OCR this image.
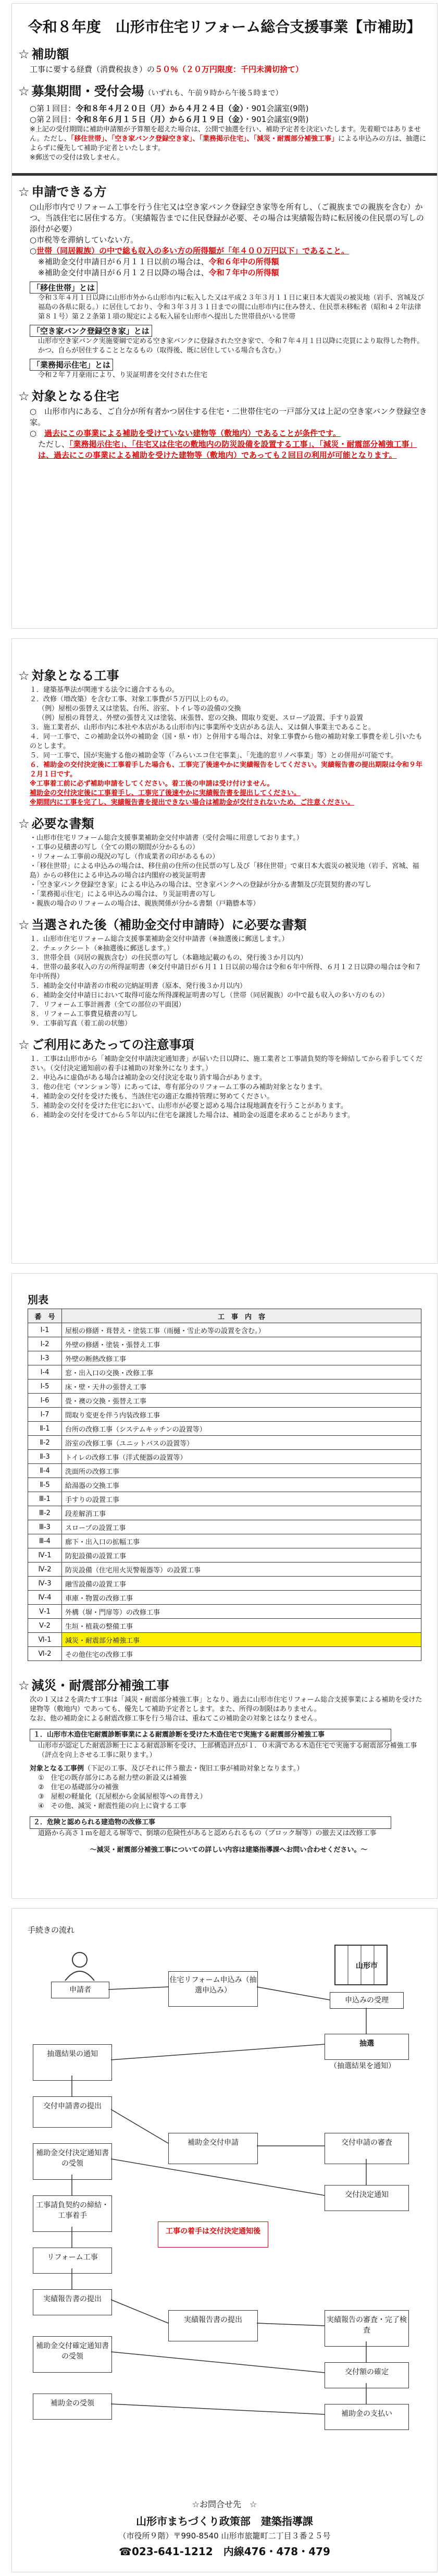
令和８年度　山形市住宅リフォーム総合支援事業【市補助】
☆ 補助額
工事に要する経費（消費税抜き）の５０％（２０万円限度：千円未満切捨て）
☆ 募集期間・受付会場（いずれも、午前９時から午後５時まで）
○第１回目：令和８年４月２０日（月）から４月２４日（金）・901会議室(9階)
○第２回目：令和８年６月１５日（月）から６月１９日（金）・901会議室(9階)
※上記の受付期間に補助申請額が予算額を超えた場合は、公開で抽選を行い、補助予定者を決定いたします。先着順ではありません。ただし、「移住世帯」、「空き家バンク登録空き家」、「業務掲示住宅」、「減災・耐震部分補強工事」による申込みの方は、抽選によらずに優先して補助予定者といたします。
※郵送での受付は致しません。
☆ 申請できる方
○山形市内でリフォーム工事を行う住宅又は空き家バンク登録空き家等を所有し、（ご親族までの親族を含む）かつ、当該住宅に居住する方。（実績報告までに住民登録が必要、その場合は実績報告時に転居後の住民票の写しの添付が必要）
○市税等を滞納していない方。
○世帯（同居親族）の中で総も収入の多い方の所得額が「年４００万円以下」であること。
※補助金交付申請日が６月１１日以前の場合は、令和６年中の所得額
※補助金交付申請日が６月１２日以降の場合は、令和７年中の所得額
「移住世帯」とは
令和３年４月１日以降に山形市外から山形市内に転入した又は平成２３年３月１１日に東日本大震災の被災地（岩手、宮城及び福島の各県に限る。）に居住しており、令和３年３月３１日までの間に山形市内に住み替え、住民票未移転者（昭和４２年法律第８１号）第２２条第１項の規定による転入届を山形市へ提出した世帯員がいる世帯
「空き家バンク登録空き家」とは
山形市空き家バンク実施要綱で定める空き家バンクに登録された空き家で、令和７年４月１日以降に売買により取得した物件。かつ、自らが居住することとなるもの（取得後、既に居住している場合も含む。）
「業務掲示住宅」とは
令和２年７月豪雨により、り災証明書を交付された住宅
☆ 対象となる住宅
○　山形市内にある、ご自分が所有者かつ居住する住宅・二世帯住宅の一戸部分又は上記の空き家バンク登録空き家。
○　過去にこの事業による補助を受けていない建物等（敷地内）であることが条件です。
ただし、「業務掲示住宅」、「住宅又は住宅の敷地内の防災設備を設置する工事」、「減災・耐震部分補強工事」は、過去にこの事業による補助を受けた建物等（敷地内）であっても２回目の利用が可能となります。
☆ 対象となる工事
１．建築基準法が関連する法令に適合するもの。
２．改修（増改築）を含む工事、対象工事費が５万円以上のもの。
（例）屋根の張替え又は塗装、台所、浴室、トイレ等の設備の交換
（例）屋根の葺替え、外壁の張替え又は塗装、床張替、窓の交換、間取り変更、スロープ設置、手すり設置
３．施工業者が、山形市内に本社や本店がある山形市内に事業所や支店がある法人、又は個人事業主であること。
４．同一工事で、この補助金以外の補助金（国・県・市）と併用する場合は、対象工事費から他の補助対象工事費を差し引いたものとします。
５．同一工事で、国が実施する他の補助金等（「みらいエコ住宅事業」、「先進的窓リノベ事業」等）との併用が可能です。
６．補助金の交付決定後に工事着手した場合も、工事完了後速やかに実績報告をしてください。実績報告書の提出期限は令和９年２月１日です。
※工事着工前に必ず補助申請をしてください。着工後の申請は受け付けません。
補助金の交付決定後に工事着手し、工事完了後速やかに実績報告書を提出してください。
※期間内に工事を完了し、実績報告書を提出できない場合は補助金が交付されないため、ご注意ください。
☆ 必要な書類
・山形市住宅リフォーム総合支援事業補助金交付申請書（受付会場に用意しております。）
・工事の見積書の写し（全ての期の期間が分かるもの）
・リフォーム工事前の現況の写し（作成業者の印があるもの）
・「移住世帯」による申込みの場合は、移住前の住所の住民票の写し及び「移住世帯」で東日本大震災の被災地（岩手、宮城、福島）からの移住による申込みの場合は内閣府の被災証明書
・「空き家バンク登録空き家」による申込みの場合は、空き家バンクへの登録が分かる書類及び売買契約書の写し
・「業務掲示住宅」による申込みの場合は、り災証明書の写し
・親族の場合のリフォームの場合は、親族関係が分かる書類（戸籍謄本等）
☆ 当選された後（補助金交付申請時）に必要な書類
１．山形市住宅リフォーム総合支援事業補助金交付申請書（※抽選後に郵送します。）
２．チェックシート（※抽選後に郵送します。）
３．世帯全員（同居の親族含む）の住民票の写し（本籍地記載のもの、発行後３か月以内）
４．世帯の最多収入の方の所得証明書（※交付申請日が６月１１日以前の場合は令和６年中所得、６月１２日以降の場合は令和７年中所得）
５．補助金交付申請者の市税の完納証明書（原本、発行後３か月以内）
６．補助金交付申請日において取得可能な所得課税証明書の写し（世帯（同居親族）の中で最も収入の多い方のもの）
７．リフォーム工事計画書（全ての部位の平面図）
８．リフォーム工事費見積書の写し
９．工事前写真（着工前の状態）
☆ ご利用にあたっての注意事項
１．工事は山形市から「補助金交付申請決定通知書」が届いた日以降に、施工業者と工事請負契約等を締結してから着手してください。（交付決定通知前の着手は補助の対象外になります。）
２．申込みに虚偽がある場合は補助金の交付決定を取り消す場合があります。
３．他の住宅（マンション等）にあっては、専有部分のリフォーム工事のみ補助対象となります。
４．補助金の交付を受けた後も、当該住宅の適正な維持管理に努めてください。
５．補助金の交付を受けた住宅において、山形市が必要と認める場合は現地調査を行うことがあります。
６．補助金の交付を受けてから５年以内に住宅を譲渡した場合は、補助金の返還を求めることがあります。
別表
番　号	工　事　内　容
Ⅰ-1	屋根の修繕・葺替え・塗装工事（雨樋・雪止め等の設置を含む。）
Ⅰ-2	外壁の修繕・塗装・張替え工事
Ⅰ-3	外壁の断熱改修工事
Ⅰ-4	窓・出入口の交換・改修工事
Ⅰ-5	床・壁・天井の張替え工事
Ⅰ-6	畳・襖の交換・張替え工事
Ⅰ-7	間取り変更を伴う内装改修工事
Ⅱ-1	台所の改修工事（システムキッチンの設置等）
Ⅱ-2	浴室の改修工事（ユニットバスの設置等）
Ⅱ-3	トイレの改修工事（洋式便器の設置等）
Ⅱ-4	洗面所の改修工事
Ⅱ-5	給湯器の交換工事
Ⅲ-1	手すりの設置工事
Ⅲ-2	段差解消工事
Ⅲ-3	スロープの設置工事
Ⅲ-4	廊下・出入口の拡幅工事
Ⅳ-1	防犯設備の設置工事
Ⅳ-2	防災設備（住宅用火災警報器等）の設置工事
Ⅳ-3	融雪設備の設置工事
Ⅳ-4	車庫・物置の改修工事
Ⅴ-1	外構（塀・門扉等）の改修工事
Ⅴ-2	生垣・植栽の整備工事
Ⅵ-1	減災・耐震部分補強工事
Ⅵ-2	その他住宅の改修工事
☆ 減災・耐震部分補強工事
次の１又は２を満たす工事は「減災・耐震部分補強工事」となり、過去に山形市住宅リフォーム総合支援事業による補助を受けた建物等（敷地内）であっても、優先して補助予定者とします。また、所得の制限はありません。
なお、他の補助金による耐震改修工事を行う場合は、重ねてこの補助金の対象とはなりません。
１．山形市木造住宅耐震診断事業による耐震診断を受けた木造住宅で実施する耐震部分補強工事
山形市が認定した耐震診断士による耐震診断を受け、上部構造評点が１．０未満である木造住宅で実施する耐震部分補強工事（評点を向上させる工事に限ります。）
対象となる工事例（下記の工事、及びそれに伴う撤去・復旧工事が補助対象となります。）
①　住宅の既存部分にある耐力壁の新設又は補強
②　住宅の基礎部分の補強
③　屋根の軽量化（瓦屋根から金属屋根等への葺替え）
④　その他、減災・耐震性能の向上に資する工事
２．危険と認められる建造物の改修工事
道路から高さ１ｍを超える塀等で、倒壊の危険性があると認められるもの（ブロック塀等）の撤去又は改修工事
～減災・耐震部分補強工事についての詳しい内容は建築指導課へお問い合わせください。～
手続きの流れ
申請者
山形市
申込みの受理
住宅リフォーム申込み（抽選申込み）
補助金交付申請
実績報告書の提出
抽選結果の通知
交付申請書の提出
補助金交付決定通知書の受領
工事請負契約の締結・工事着手
リフォーム工事
実績報告書の提出
補助金交付確定通知書の受領
補助金の受領
抽選
（抽選結果を通知）
交付申請の審査
交付決定通知
実績報告の審査・完了検査
交付額の確定
補助金の支払い
工事の着手は交付決定通知後
☆お問合せ先　☆
山形市まちづくり政策部　建築指導課
（市役所９階）〒990-8540 山形市旅籠町二丁目３番２５号
☎023-641-1212　内線476・478・479
